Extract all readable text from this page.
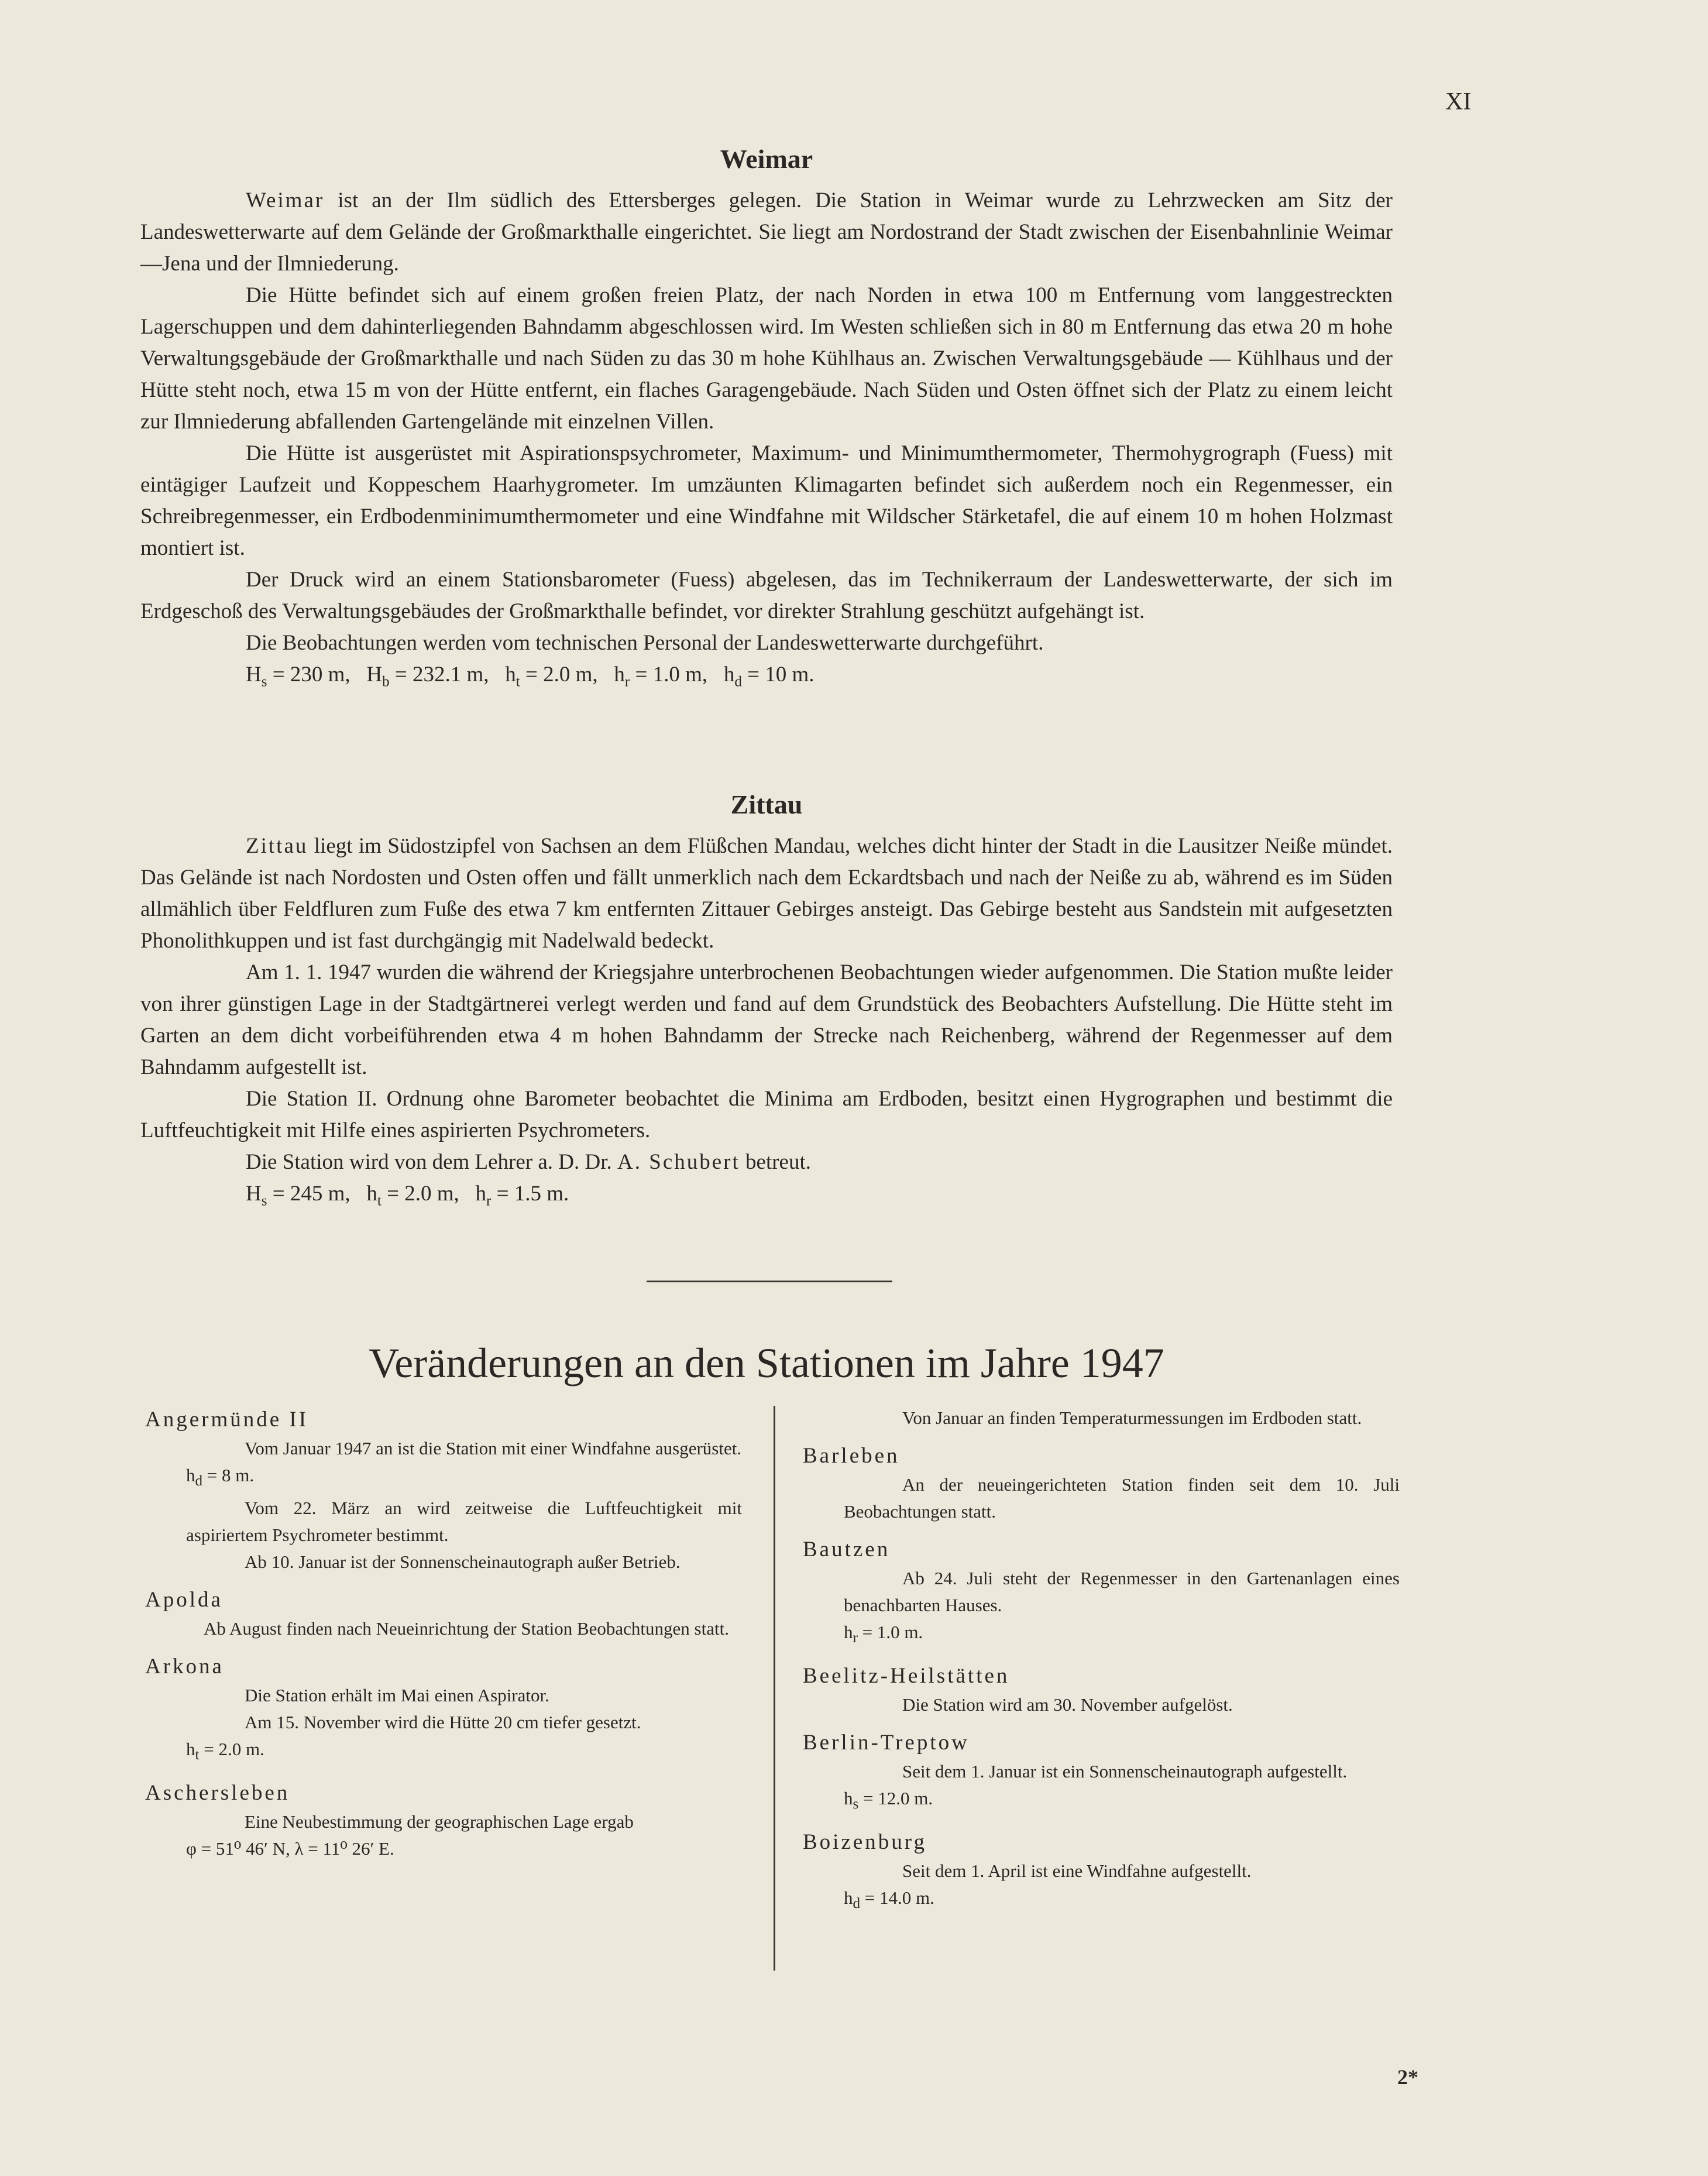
XI
Weimar

Weimar ist an der Ilm südlich des Ettersberges gelegen. Die Station in Weimar wurde zu Lehrzwecken am Sitz der Landeswetterwarte auf dem Gelände der Großmarkthalle eingerichtet. Sie liegt am Nordostrand der Stadt zwischen der Eisenbahnlinie Weimar—Jena und der Ilmniederung.

Die Hütte befindet sich auf einem großen freien Platz, der nach Norden in etwa 100 m Entfernung vom langgestreckten Lagerschuppen und dem dahinterliegenden Bahndamm abgeschlossen wird. Im Westen schließen sich in 80 m Entfernung das etwa 20 m hohe Verwaltungsgebäude der Großmarkthalle und nach Süden zu das 30 m hohe Kühlhaus an. Zwischen Verwaltungsgebäude — Kühlhaus und der Hütte steht noch, etwa 15 m von der Hütte entfernt, ein flaches Garagengebäude. Nach Süden und Osten öffnet sich der Platz zu einem leicht zur Ilmniederung abfallenden Gartengelände mit einzelnen Villen.

Die Hütte ist ausgerüstet mit Aspirationspsychrometer, Maximum- und Minimumthermometer, Thermohygrograph (Fuess) mit eintägiger Laufzeit und Koppeschem Haarhygrometer. Im umzäunten Klimagarten befindet sich außerdem noch ein Regenmesser, ein Schreibregenmesser, ein Erdbodenminimumthermometer und eine Windfahne mit Wildscher Stärketafel, die auf einem 10 m hohen Holzmast montiert ist.

Der Druck wird an einem Stationsbarometer (Fuess) abgelesen, das im Technikerraum der Landeswetterwarte, der sich im Erdgeschoß des Verwaltungsgebäudes der Großmarkthalle befindet, vor direkter Strahlung geschützt aufgehängt ist.

Die Beobachtungen werden vom technischen Personal der Landeswetterwarte durchgeführt.

$H_s = 230$ m,   $H_b = 232.1$ m,   $h_t = 2.0$ m,   $h_r = 1.0$ m,   $h_d = 10$ m.

Zittau

Zittau liegt im Südostzipfel von Sachsen an dem Flüßchen Mandau, welches dicht hinter der Stadt in die Lausitzer Neiße mündet. Das Gelände ist nach Nordosten und Osten offen und fällt unmerklich nach dem Eckardtsbach und nach der Neiße zu ab, während es im Süden allmählich über Feldfluren zum Fuße des etwa 7 km entfernten Zittauer Gebirges ansteigt. Das Gebirge besteht aus Sandstein mit aufgesetzten Phonolithkuppen und ist fast durchgängig mit Nadelwald bedeckt.

Am 1. 1. 1947 wurden die während der Kriegsjahre unterbrochenen Beobachtungen wieder aufgenommen. Die Station mußte leider von ihrer günstigen Lage in der Stadtgärtnerei verlegt werden und fand auf dem Grundstück des Beobachters Aufstellung. Die Hütte steht im Garten an dem dicht vorbeiführenden etwa 4 m hohen Bahndamm der Strecke nach Reichenberg, während der Regenmesser auf dem Bahndamm aufgestellt ist.

Die Station II. Ordnung ohne Barometer beobachtet die Minima am Erdboden, besitzt einen Hygrographen und bestimmt die Luftfeuchtigkeit mit Hilfe eines aspirierten Psychrometers.

Die Station wird von dem Lehrer a. D. Dr. A. Schubert betreut.

$H_s = 245$ m,   $h_t = 2.0$ m,   $h_r = 1.5$ m.

Veränderungen an den Stationen im Jahre 1947
Angermünde II

Vom Januar 1947 an ist die Station mit einer Windfahne ausgerüstet.

$h_d = 8$ m.

Vom 22. März an wird zeitweise die Luftfeuchtigkeit mit aspiriertem Psychrometer bestimmt.

Ab 10. Januar ist der Sonnenscheinautograph außer Betrieb.

Apolda

Ab August finden nach Neueinrichtung der Station Beobachtungen statt.

Arkona

Die Station erhält im Mai einen Aspirator.

Am 15. November wird die Hütte 20 cm tiefer gesetzt.

$h_t = 2.0$ m.

Aschersleben

Eine Neubestimmung der geographischen Lage ergab

φ = 51⁰ 46′ N, λ = 11⁰ 26′ E.

Von Januar an finden Temperaturmessungen im Erdboden statt.

Barleben

An der neueingerichteten Station finden seit dem 10. Juli Beobachtungen statt.

Bautzen

Ab 24. Juli steht der Regenmesser in den Gartenanlagen eines benachbarten Hauses.

$h_r = 1.0$ m.

Beelitz-Heilstätten

Die Station wird am 30. November aufgelöst.

Berlin-Treptow

Seit dem 1. Januar ist ein Sonnenscheinautograph aufgestellt.

$h_s = 12.0$ m.

Boizenburg

Seit dem 1. April ist eine Windfahne aufgestellt.

$h_d = 14.0$ m.

2*
